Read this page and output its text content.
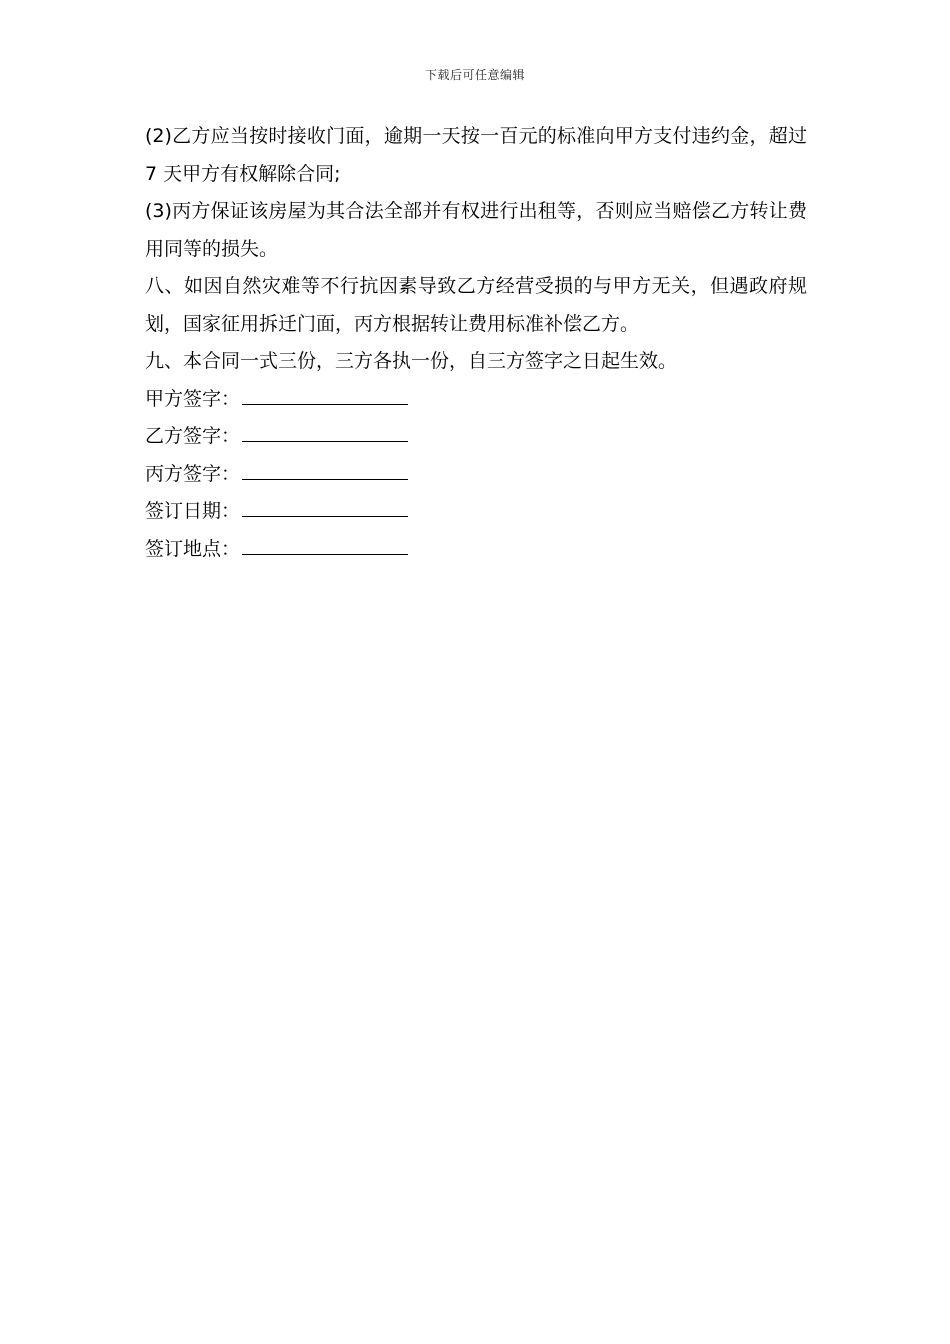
下载后可任意编辑

(2)乙方应当按时接收门面，逾期一天按一百元的标准向甲方支付违约金，超过 7 天甲方有权解除合同;

(3)丙方保证该房屋为其合法全部并有权进行出租等，否则应当赔偿乙方转让费用同等的损失。

八、如因自然灾难等不行抗因素导致乙方经营受损的与甲方无关，但遇政府规划，国家征用拆迁门面，丙方根据转让费用标准补偿乙方。

九、本合同一式三份，三方各执一份，自三方签字之日起生效。

甲方签字：
乙方签字：
丙方签字：
签订日期：
签订地点：
